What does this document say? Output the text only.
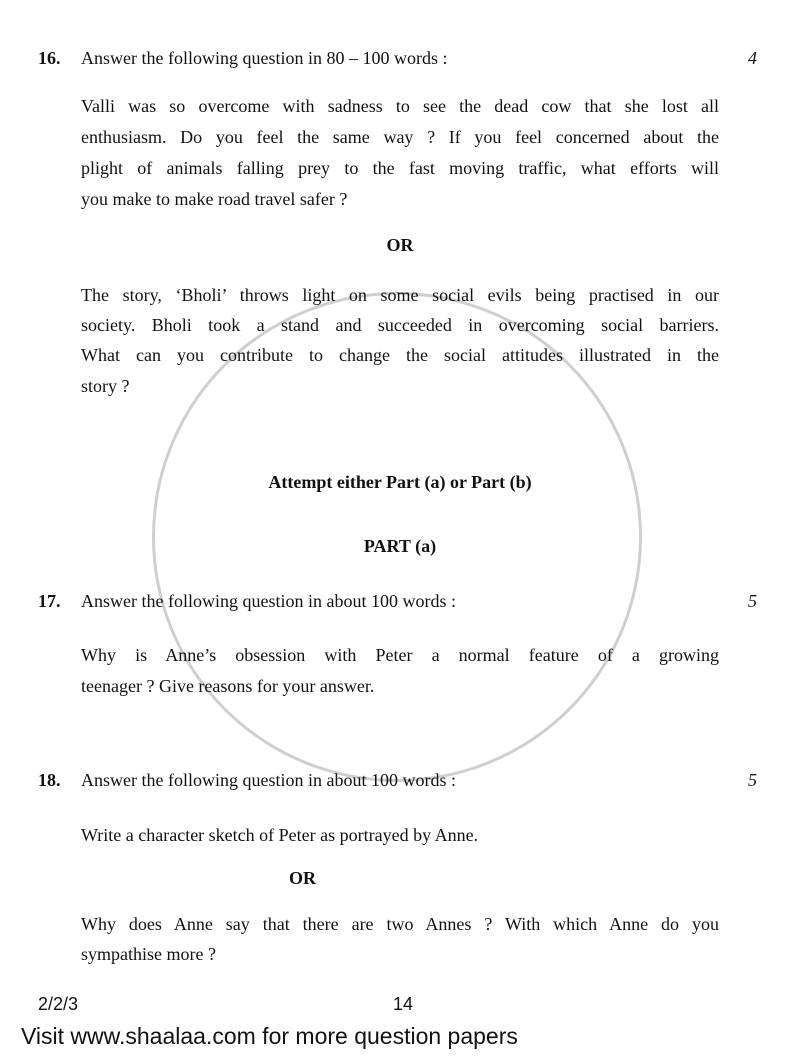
16. Answer the following question in 80 – 100 words :	4
Valli was so overcome with sadness to see the dead cow that she lost all
enthusiasm. Do you feel the same way ? If you feel concerned about the
plight of animals falling prey to the fast moving traffic, what efforts will
you make to make road travel safer ?
OR
The story, ‘Bholi’ throws light on some social evils being practised in our
society. Bholi took a stand and succeeded in overcoming social barriers.
What can you contribute to change the social attitudes illustrated in the
story ?
Attempt either Part (a) or Part (b)
PART (a)
17. Answer the following question in about 100 words :	5
Why is Anne’s obsession with Peter a normal feature of a growing
teenager ? Give reasons for your answer.
18. Answer the following question in about 100 words :	5
Write a character sketch of Peter as portrayed by Anne.
OR
Why does Anne say that there are two Annes ? With which Anne do you
sympathise more ?
2/2/3	14
Visit www.shaalaa.com for more question papers
